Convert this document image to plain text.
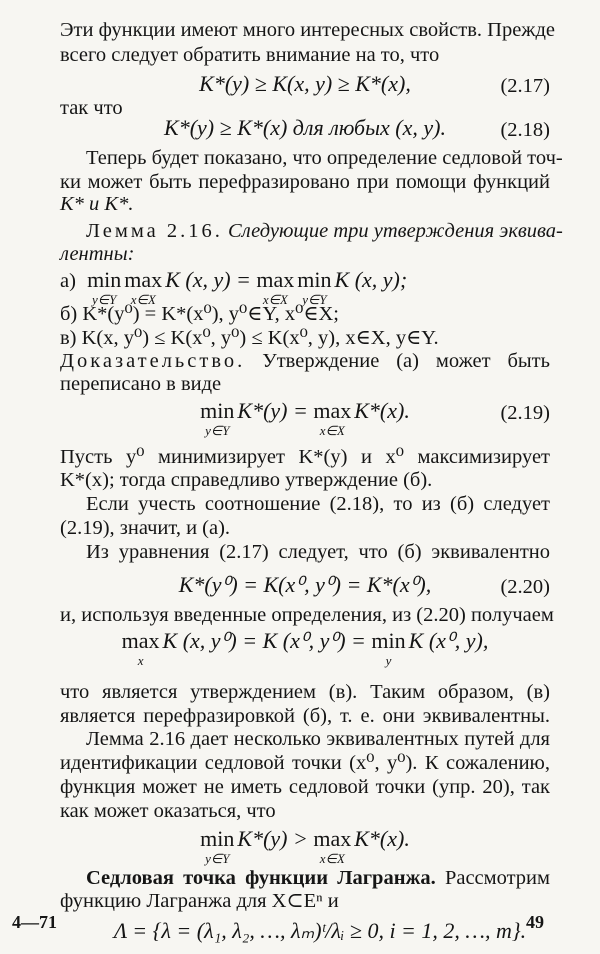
Эти функции имеют много интересных свойств. Прежде
всего следует обратить внимание на то, что
K*(y) ≥ K(x, y) ≥ K*(x),	(2.17)
так что
K*(y) ≥ K*(x) для любых (x, y).	(2.18)
Теперь будет показано, что определение седловой точ-
ки может быть перефразировано при помощи функций
K* и K*.
Лемма 2.16. Следующие три утверждения эквива-
лентны:
а) min
y∈Y
max
x∈X
K (x, y) = max
x∈X
min
y∈Y
K (x, y);
б) K*(y⁰) = K*(x⁰), y⁰∈Y, x⁰∈X;
в) K(x, y⁰) ≤ K(x⁰, y⁰) ≤ K(x⁰, y), x∈X, y∈Y.
Доказательство. Утверждение (а) может быть
переписано в виде
min
y∈Y
K*(y) = max
x∈X
K*(x).	(2.19)
Пусть y⁰ минимизирует K*(y) и x⁰ максимизирует
K*(x); тогда справедливо утверждение (б).
Если учесть соотношение (2.18), то из (б) следует
(2.19), значит, и (а).
Из уравнения (2.17) следует, что (б) эквивалентно
K*(y⁰) = K(x⁰, y⁰) = K*(x⁰),	(2.20)
и, используя введенные определения, из (2.20) получаем
max
x
K (x, y⁰) = K (x⁰, y⁰) = min
y
K (x⁰, y),
что является утверждением (в). Таким образом, (в)
является перефразировкой (б), т. е. они эквивалентны.
Лемма 2.16 дает несколько эквивалентных путей для
идентификации седловой точки (x⁰, y⁰). К сожалению,
функция может не иметь седловой точки (упр. 20), так
как может оказаться, что
min
y∈Y
K*(y) > max
x∈X
K*(x).
Седловая точка функции Лагранжа. Рассмотрим
функцию Лагранжа для X⊂Eⁿ и
Λ = {λ = (λ₁, λ₂, …, λₘ)ᵗ/λᵢ ≥ 0, i = 1, 2, …, m}.
4—71	49
